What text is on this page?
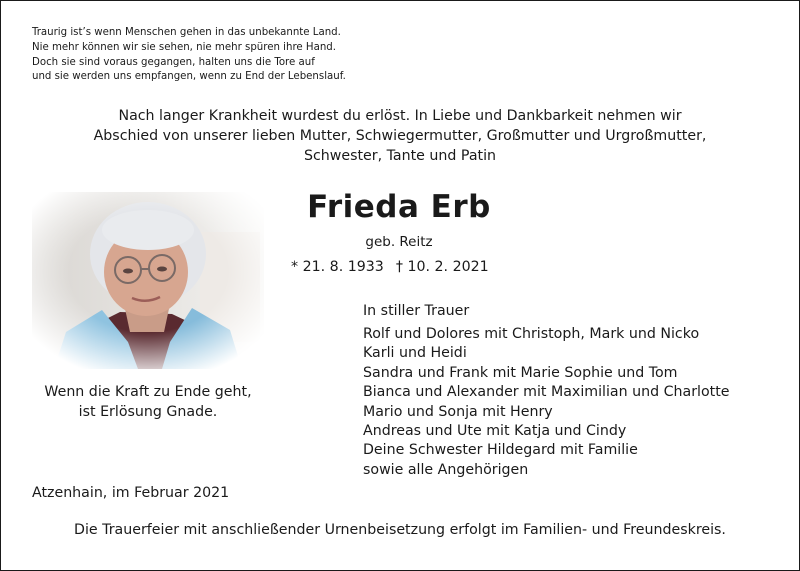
Traurig ist’s wenn Menschen gehen in das unbekannte Land.
Nie mehr können wir sie sehen, nie mehr spüren ihre Hand.
Doch sie sind voraus gegangen, halten uns die Tore auf
und sie werden uns empfangen, wenn zu End der Lebenslauf.
Nach langer Krankheit wurdest du erlöst. In Liebe und Dankbarkeit nehmen wir
Abschied von unserer lieben Mutter, Schwiegermutter, Großmutter und Urgroßmutter,
Schwester, Tante und Patin
Wenn die Kraft zu Ende geht,
ist Erlösung Gnade.
Frieda Erb
geb. Reitz
* 21. 8. 1933 † 10. 2. 2021
In stiller Trauer
Rolf und Dolores mit Christoph, Mark und Nicko
Karli und Heidi
Sandra und Frank mit Marie Sophie und Tom
Bianca und Alexander mit Maximilian und Charlotte
Mario und Sonja mit Henry
Andreas und Ute mit Katja und Cindy
Deine Schwester Hildegard mit Familie
sowie alle Angehörigen
Atzenhain, im Februar 2021
Die Trauerfeier mit anschließender Urnenbeisetzung erfolgt im Familien- und Freundeskreis.
